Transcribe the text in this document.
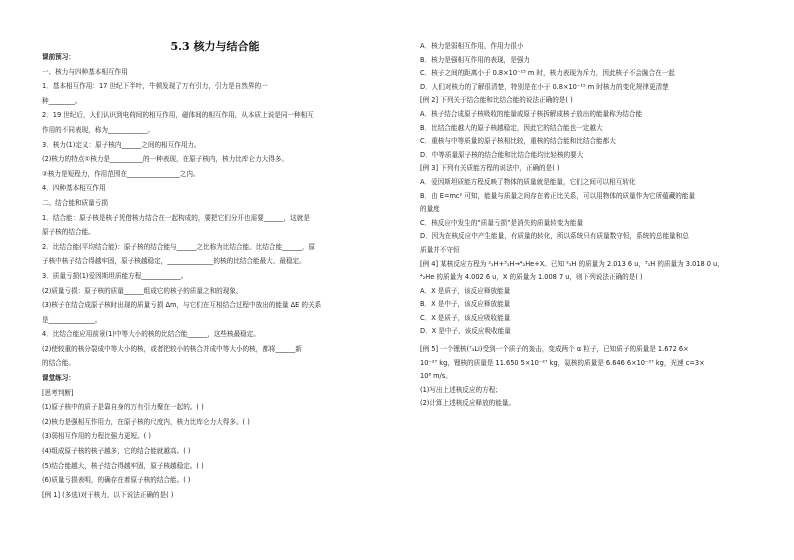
5.3 核力与结合能
课前预习：
一、核力与四种基本相互作用
1．基本相互作用：17 世纪下半叶，牛顿发现了万有引力，引力是自然界的一
种________。
2．19 世纪后，人们认识到电荷间的相互作用，磁体间的相互作用，从本质上说是同一种相互
作用的不同表现，称为____________。
3．核力(1)定义：原子核内______之间的相互作用力。
(2)核力的特点①核力是__________的一种表现，在原子核内，核力比库仑力大得多。
②核力是短程力，作用范围在________________之内。
4．四种基本相互作用
二、结合能和质量亏损
1．结合能：原子核是核子凭借核力结合在一起构成的，要把它们分开也需要______，这就是
原子核的结合能。
2．比结合能(平均结合能)：原子核的结合能与______之比称为比结合能。比结合能______，原
子核中核子结合得越牢固，原子核越稳定，______________的核的比结合能最大、最稳定。
3．质量亏损(1)爱因斯坦质能方程____________。
(2)质量亏损：原子核的质量______组成它的核子的质量之和的现象。
(3)核子在结合成原子核时出现的质量亏损 Δm，与它们在互相结合过程中放出的能量 ΔE 的关系
是______________。
4．比结合能应用前景(1)中等大小的核的比结合能______，这些核最稳定。
(2)使较重的核分裂成中等大小的核，或者把较小的核合并成中等大小的核，都将______新
的结合能。
课堂练习：
[思考判断]
(1)原子核中的质子是靠自身的万有引力聚在一起的。( )
(2)核力是强相互作用力，在原子核的尺度内，核力比库仑力大得多。( )
(3)弱相互作用的力程比强力更短。( )
(4)组成原子核的核子越多，它的结合能就越高。( )
(5)结合能越大，核子结合得越牢固，原子核越稳定。( )
(6)质量亏损表明，的确存在着原子核的结合能。( )
[例 1] (多选)对于核力，以下说法正确的是( )
A．核力是弱相互作用，作用力很小
B．核力是强相互作用的表现，是强力
C．核子之间的距离小于 0.8×10⁻¹⁵ m 时，核力表现为斥力，因此核子不会融合在一起
D．人们对核力的了解很清楚，特别是在小于 0.8×10⁻¹⁵ m 时核力的变化规律更清楚
[例 2] 下列关于结合能和比结合能的说法正确的是( )
A．核子结合成原子核吸收的能量或原子核拆解成核子放出的能量称为结合能
B．比结合能越大的原子核越稳定，因此它的结合能也一定越大
C．重核与中等质量的原子核相比较，重核的结合能和比结合能都大
D．中等质量原子核的结合能和比结合能均比轻核的要大
[例 3] 下列有关质能方程的说法中，正确的是( )
A．爱因斯坦质能方程反映了物体的质量就是能量，它们之间可以相互转化
B．由 E=mc² 可知，能量与质量之间存在着正比关系，可以用物体的质量作为它所蕴藏的能量
的量度
C．核反应中发生的“质量亏损”是消失的质量转变为能量
D．因为在核反应中产生能量，有质量的转化，所以系统只有质量数守恒，系统的总能量和总
质量并不守恒
[例 4] 某核反应方程为 ²₁H+³₁H→⁴₂He+X。已知 ²₁H 的质量为 2.013 6 u，³₁H 的质量为 3.018 0 u，
⁴₂He 的质量为 4.002 6 u，X 的质量为 1.008 7 u，则下列说法正确的是( )
A．X 是质子，该反应释放能量
B．X 是中子，该反应释放能量
C．X 是质子，该反应吸收能量
D．X 是中子，该反应吸收能量
[例 5] 一个锂核(⁷₃Li)受到一个质子的轰击，变成两个 α 粒子，已知质子的质量是 1.672 6×
10⁻²⁷ kg，锂核的质量是 11.650 5×10⁻²⁷ kg，氦核的质量是 6.646 6×10⁻²⁷ kg，光速 c=3×
10⁸ m/s。
(1)写出上述核反应的方程；
(2)计算上述核反应释放的能量。
